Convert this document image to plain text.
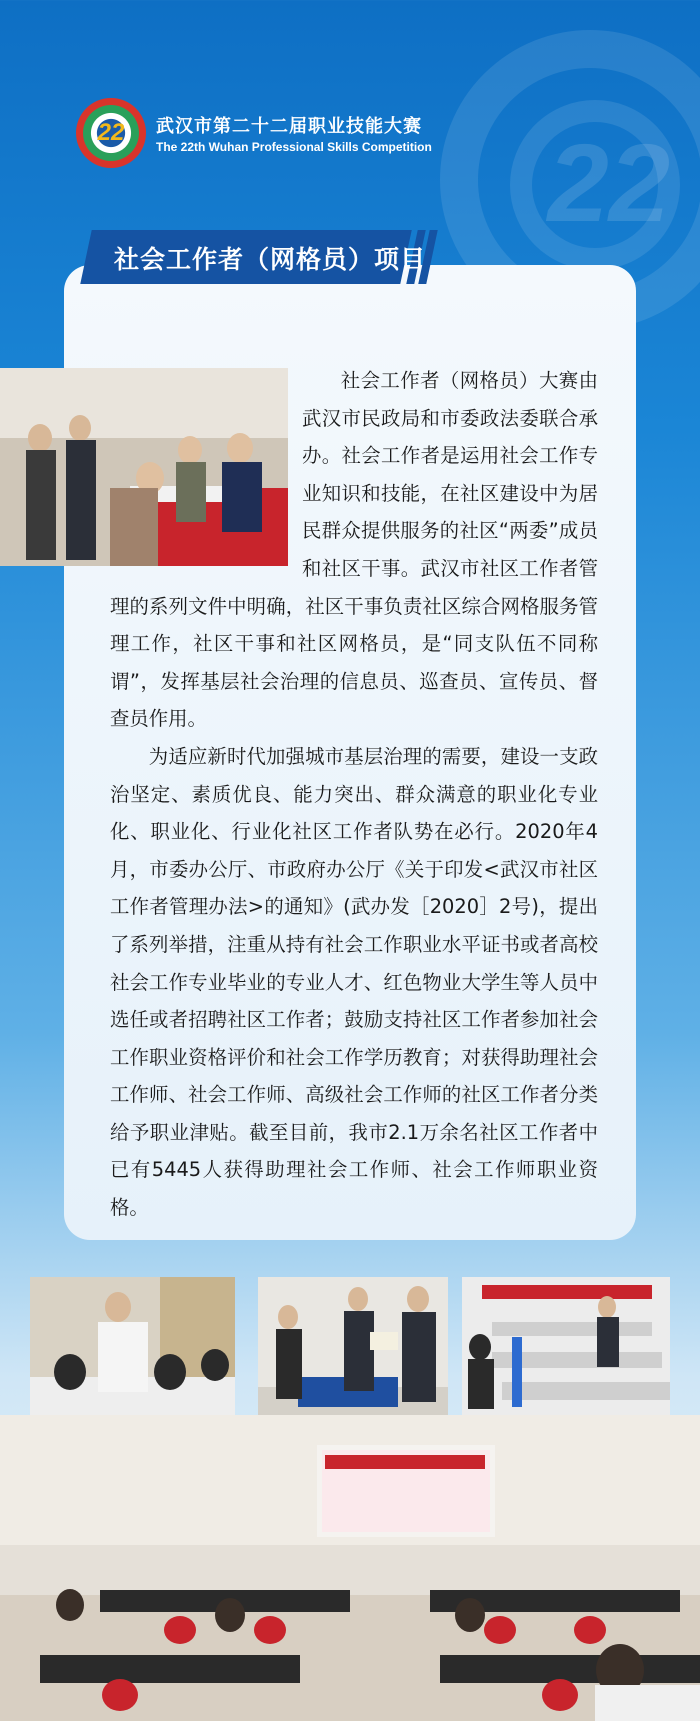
22
22 武汉市第二十二届职业技能大赛
The 22th Wuhan Professional Skills Competition
社会工作者（网格员）项目

社会工作者（网格员）大赛由武汉市民政局和市委政法委联合承办。社会工作者是运用社会工作专业知识和技能，在社区建设中为居民群众提供服务的社区“两委”成员和社区干事。武汉市社区工作者管理的系列文件中明确，社区干事负责社区综合网格服务管理工作，社区干事和社区网格员，是“同支队伍不同称谓”，发挥基层社会治理的信息员、巡查员、宣传员、督查员作用。

为适应新时代加强城市基层治理的需要，建设一支政治坚定、素质优良、能力突出、群众满意的职业化专业化、职业化、行业化社区工作者队势在必行。2020年4月，市委办公厅、市政府办公厅《关于印发<武汉市社区工作者管理办法>的通知》(武办发［2020］2号)，提出了系列举措，注重从持有社会工作职业水平证书或者高校社会工作专业毕业的专业人才、红色物业大学生等人员中选任或者招聘社区工作者；鼓励支持社区工作者参加社会工作职业资格评价和社会工作学历教育；对获得助理社会工作师、社会工作师、高级社会工作师的社区工作者分类给予职业津贴。截至目前，我市2.1万余名社区工作者中已有5445人获得助理社会工作师、社会工作师职业资格。
